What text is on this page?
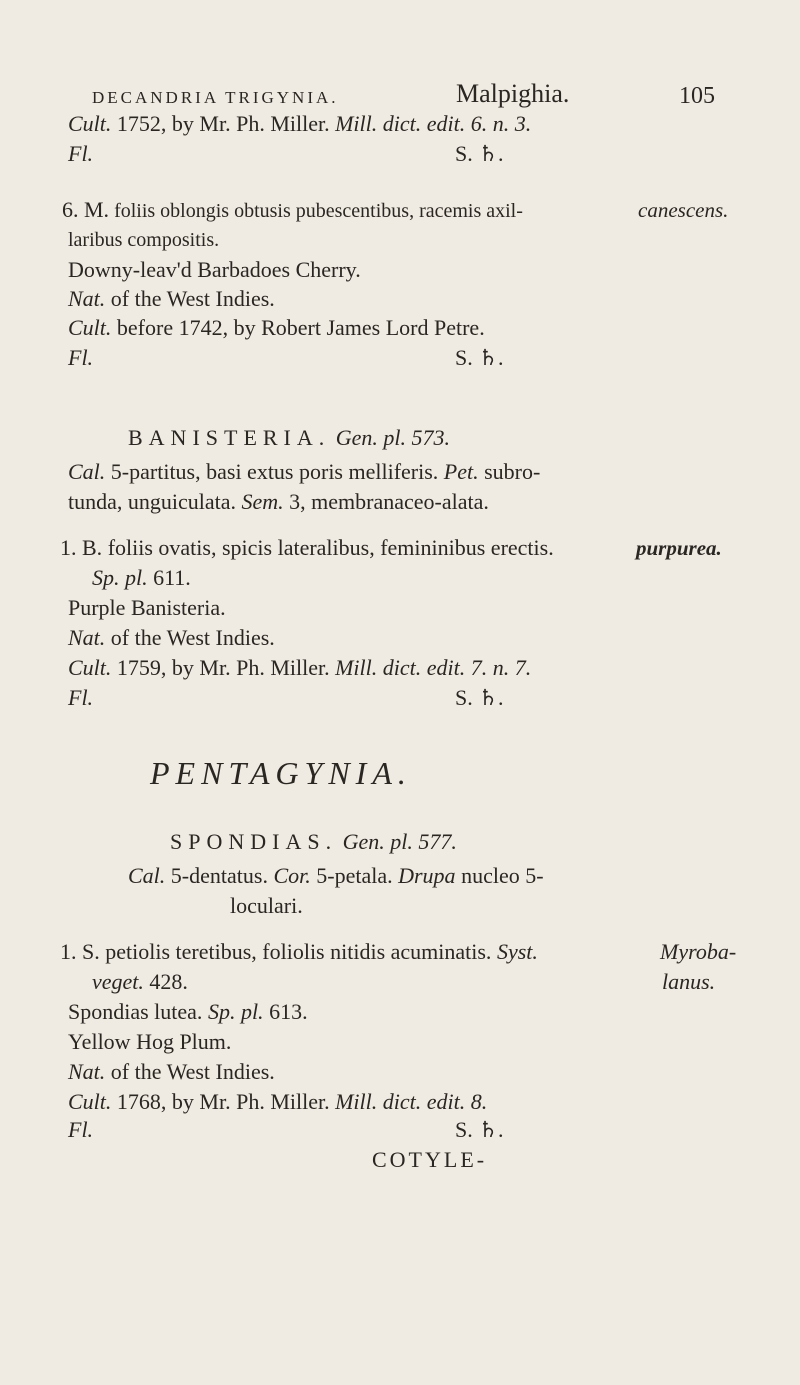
DECANDRIA TRIGYNIA.	Malpighia.	105
Cult. 1752, by Mr. Ph. Miller. Mill. dict. edit. 6. n. 3.
Fl.	S. ♄.
6. M. foliis oblongis obtusis pubescentibus, racemis axil-	canescens.
laribus compositis.
Downy-leav'd Barbadoes Cherry.
Nat. of the West Indies.
Cult. before 1742, by Robert James Lord Petre.
Fl.	S. ♄.
BANISTERIA. Gen. pl. 573.
Cal. 5-partitus, basi extus poris melliferis. Pet. subro-
tunda, unguiculata. Sem. 3, membranaceo-alata.
1. B. foliis ovatis, spicis lateralibus, femininibus erectis.	purpurea.
Sp. pl. 611.
Purple Banisteria.
Nat. of the West Indies.
Cult. 1759, by Mr. Ph. Miller. Mill. dict. edit. 7. n. 7.
Fl.	S. ♄.
PENTAGYNIA.
SPONDIAS. Gen. pl. 577.
Cal. 5-dentatus. Cor. 5-petala. Drupa nucleo 5-
loculari.
1. S. petiolis teretibus, foliolis nitidis acuminatis. Syst.	Myroba-
veget. 428.	lanus.
Spondias lutea. Sp. pl. 613.
Yellow Hog Plum.
Nat. of the West Indies.
Cult. 1768, by Mr. Ph. Miller. Mill. dict. edit. 8.
Fl.	S. ♄.
COTYLE-
